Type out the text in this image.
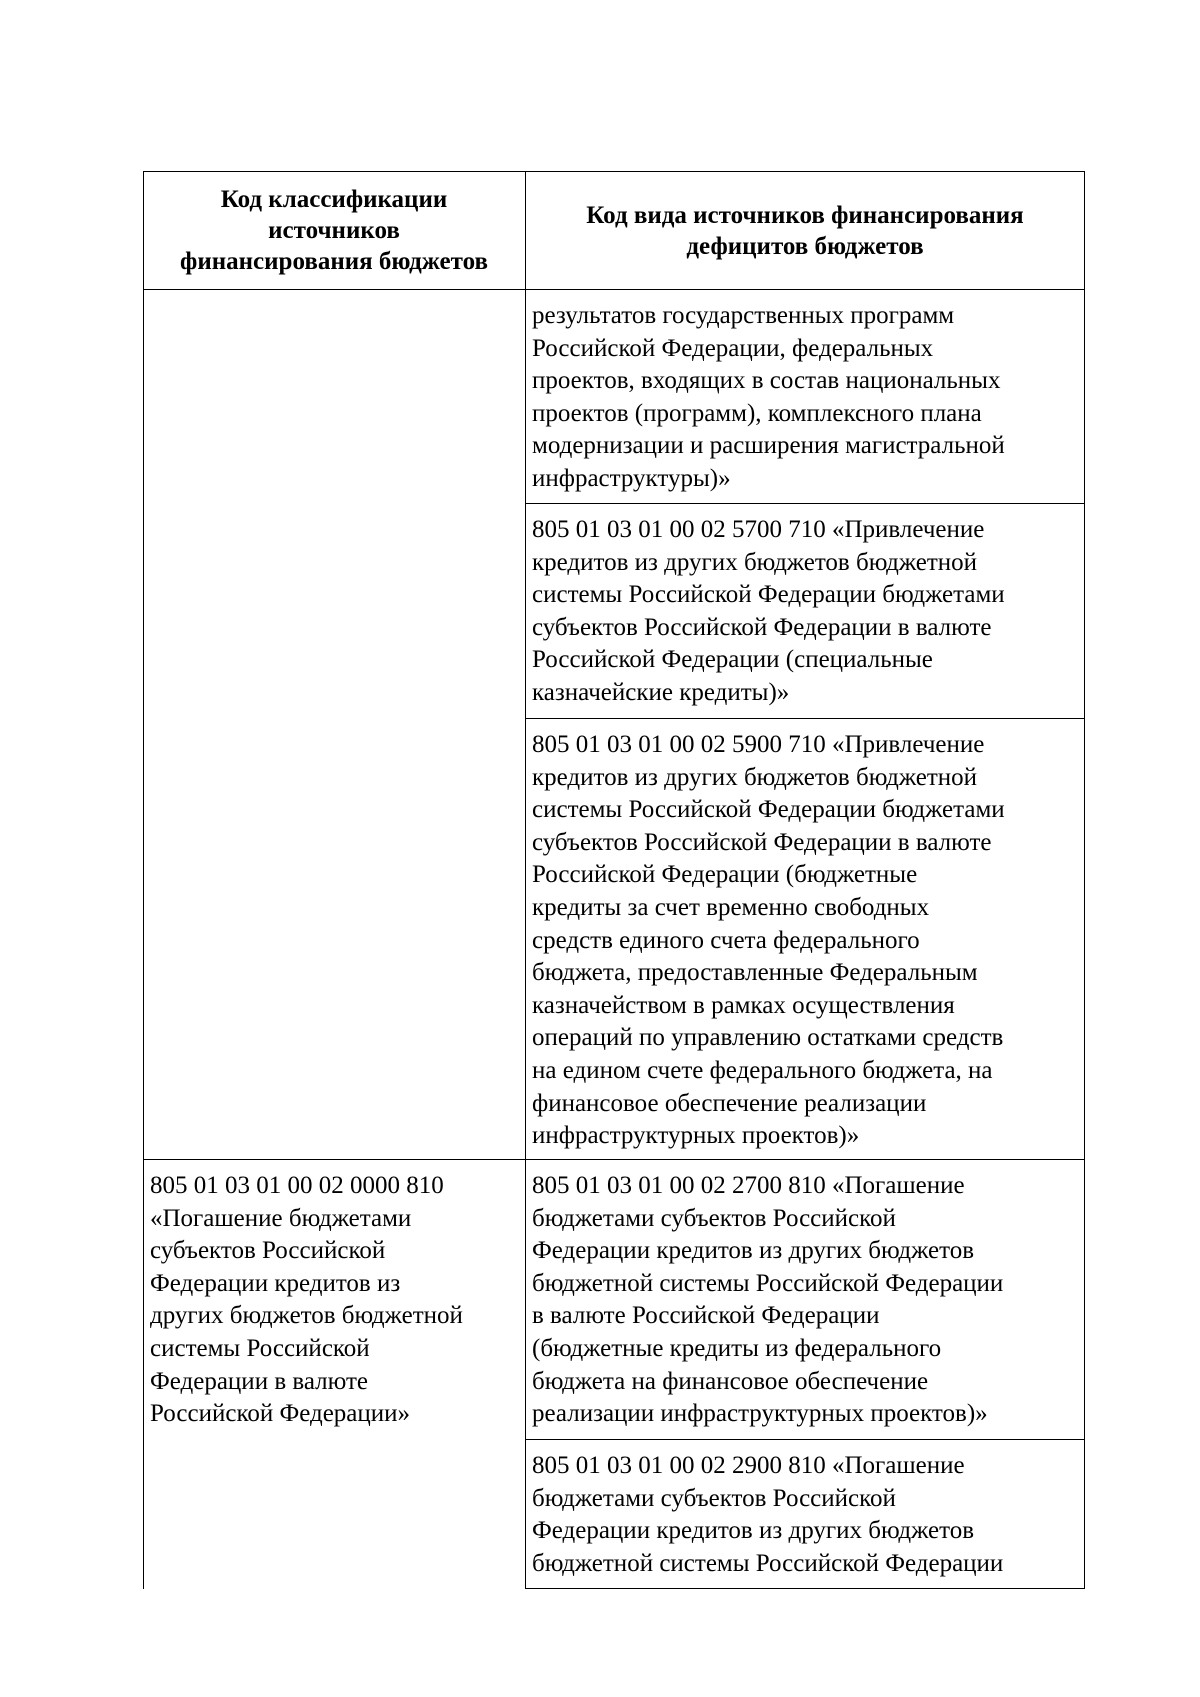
Код классификации
источников
финансирования бюджетов
Код вида источников финансирования
дефицитов бюджетов
результатов государственных программ
Российской Федерации, федеральных
проектов, входящих в состав национальных
проектов (программ), комплексного плана
модернизации и расширения магистральной
инфраструктуры)»
805 01 03 01 00 02 5700 710 «Привлечение
кредитов из других бюджетов бюджетной
системы Российской Федерации бюджетами
субъектов Российской Федерации в валюте
Российской Федерации (специальные
казначейские кредиты)»
805 01 03 01 00 02 5900 710 «Привлечение
кредитов из других бюджетов бюджетной
системы Российской Федерации бюджетами
субъектов Российской Федерации в валюте
Российской Федерации (бюджетные
кредиты за счет временно свободных
средств единого счета федерального
бюджета, предоставленные Федеральным
казначейством в рамках осуществления
операций по управлению остатками средств
на едином счете федерального бюджета, на
финансовое обеспечение реализации
инфраструктурных проектов)»
805 01 03 01 00 02 0000 810
«Погашение бюджетами
субъектов Российской
Федерации кредитов из
других бюджетов бюджетной
системы Российской
Федерации в валюте
Российской Федерации»
805 01 03 01 00 02 2700 810 «Погашение
бюджетами субъектов Российской
Федерации кредитов из других бюджетов
бюджетной системы Российской Федерации
в валюте Российской Федерации
(бюджетные кредиты из федерального
бюджета на финансовое обеспечение
реализации инфраструктурных проектов)»
805 01 03 01 00 02 2900 810 «Погашение
бюджетами субъектов Российской
Федерации кредитов из других бюджетов
бюджетной системы Российской Федерации
